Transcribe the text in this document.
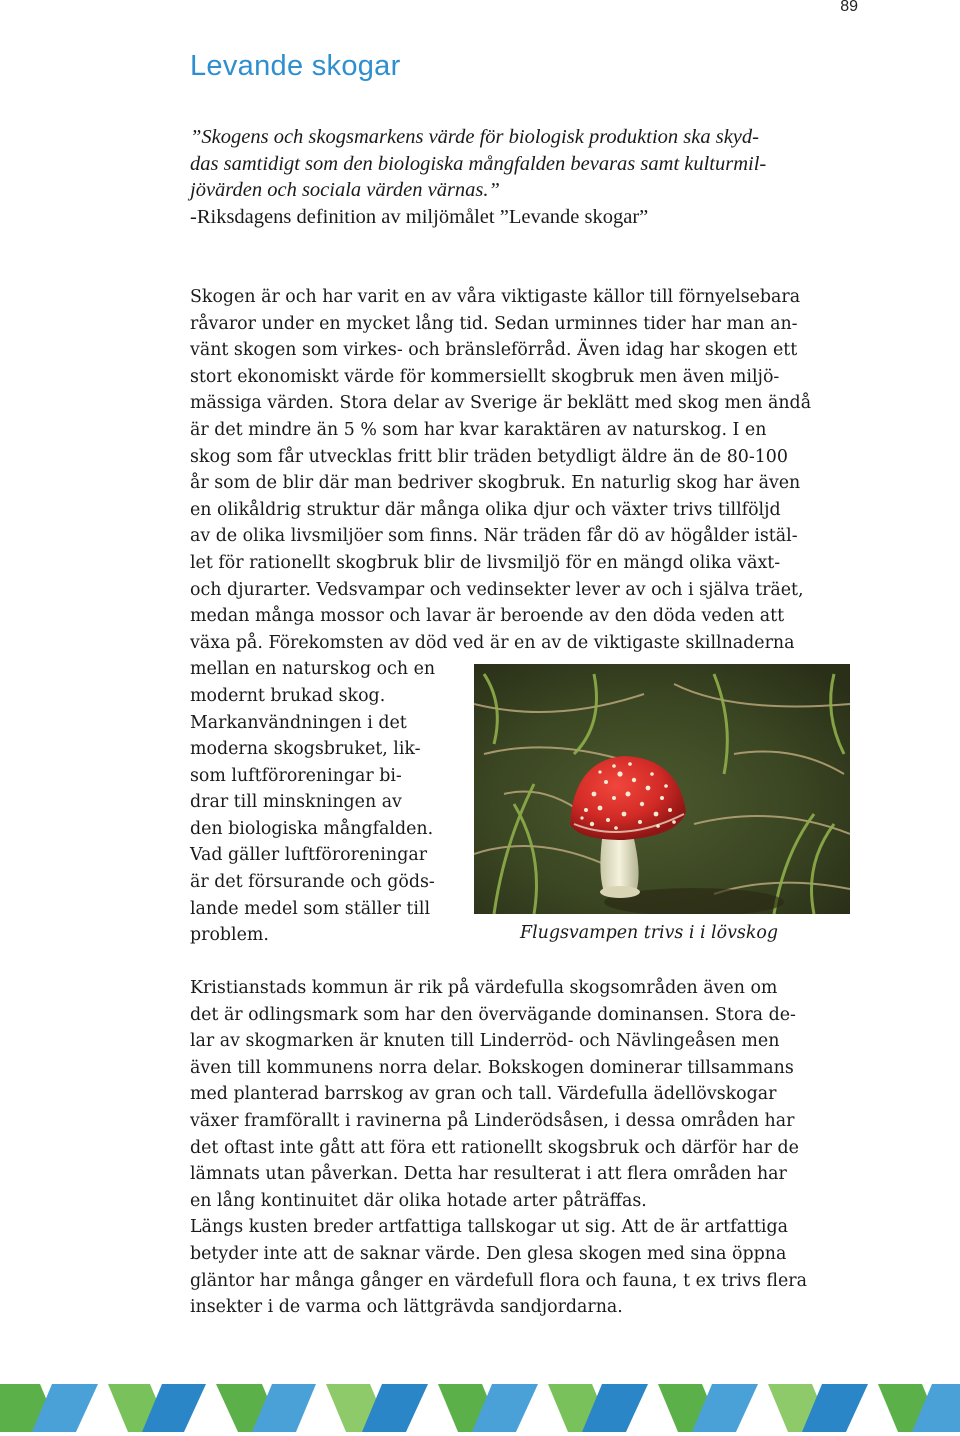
89
Levande skogar
”Skogens och skogsmarkens värde för biologisk produktion ska skyd-
das samtidigt som den biologiska mångfalden bevaras samt kulturmil-
jövärden och sociala värden värnas.”
-Riksdagens definition av miljömålet ”Levande skogar”
Skogen är och har varit en av våra viktigaste källor till förnyelsebara
råvaror under en mycket lång tid. Sedan urminnes tider har man an-
vänt skogen som virkes- och bränsleförråd. Även idag har skogen ett
stort ekonomiskt värde för kommersiellt skogbruk men även miljö-
mässiga värden. Stora delar av Sverige är beklätt med skog men ändå
är det mindre än 5 % som har kvar karaktären av naturskog. I en
skog som får utvecklas fritt blir träden betydligt äldre än de 80-100
år som de blir där man bedriver skogbruk. En naturlig skog har även
en olikåldrig struktur där många olika djur och växter trivs tillföljd
av de olika livsmiljöer som finns. När träden får dö av högålder istäl-
let för rationellt skogbruk blir de livsmiljö för en mängd olika växt-
och djurarter. Vedsvampar och vedinsekter lever av och i själva träet,
medan många mossor och lavar är beroende av den döda veden att
växa på. Förekomsten av död ved är en av de viktigaste skillnaderna
mellan en naturskog och en
modernt brukad skog.
Markanvändningen i det
moderna skogsbruket, lik-
som luftföroreningar bi-
drar till minskningen av
den biologiska mångfalden.
Vad gäller luftföroreningar
är det försurande och göds-
lande medel som ställer till
problem.	Flugsvampen trivs i i lövskog
Kristianstads kommun är rik på värdefulla skogsområden även om
det är odlingsmark som har den övervägande dominansen. Stora de-
lar av skogmarken är knuten till Linderröd- och Nävlingeåsen men
även till kommunens norra delar. Bokskogen dominerar tillsammans
med planterad barrskog av gran och tall. Värdefulla ädellövskogar
växer framförallt i ravinerna på Linderödsåsen, i dessa områden har
det oftast inte gått att föra ett rationellt skogsbruk och därför har de
lämnats utan påverkan. Detta har resulterat i att flera områden har
en lång kontinuitet där olika hotade arter påträffas.
Längs kusten breder artfattiga tallskogar ut sig. Att de är artfattiga
betyder inte att de saknar värde. Den glesa skogen med sina öppna
gläntor har många gånger en värdefull flora och fauna, t ex trivs flera
insekter i de varma och lättgrävda sandjordarna.
